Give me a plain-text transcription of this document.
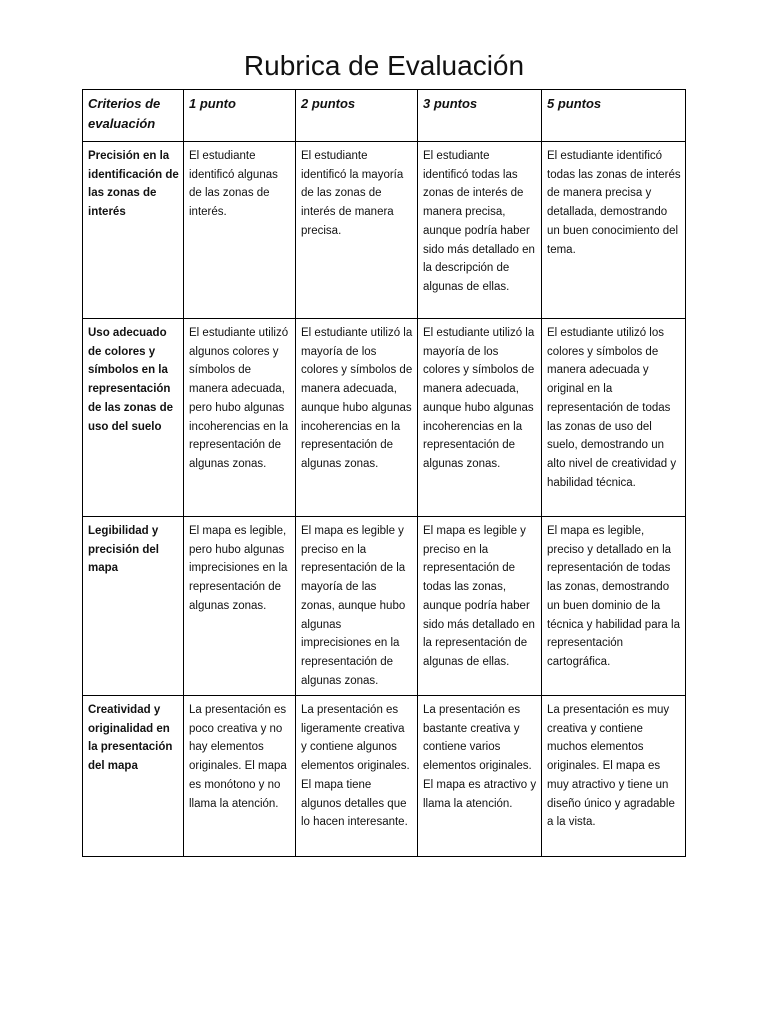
Rubrica de Evaluación
Criterios de evaluación	1 punto	2 puntos	3 puntos	5 puntos
Precisión en la identificación de las zonas de interés	El estudiante identificó algunas de las zonas de interés.	El estudiante identificó la mayoría de las zonas de interés de manera precisa.	El estudiante identificó todas las zonas de interés de manera precisa, aunque podría haber sido más detallado en la descripción de algunas de ellas.	El estudiante identificó todas las zonas de interés de manera precisa y detallada, demostrando un buen conocimiento del tema.
Uso adecuado de colores y símbolos en la representación de las zonas de uso del suelo	El estudiante utilizó algunos colores y símbolos de manera adecuada, pero hubo algunas incoherencias en la representación de algunas zonas.	El estudiante utilizó la mayoría de los colores y símbolos de manera adecuada, aunque hubo algunas incoherencias en la representación de algunas zonas.	El estudiante utilizó la mayoría de los colores y símbolos de manera adecuada, aunque hubo algunas incoherencias en la representación de algunas zonas.	El estudiante utilizó los colores y símbolos de manera adecuada y original en la representación de todas las zonas de uso del suelo, demostrando un alto nivel de creatividad y habilidad técnica.
Legibilidad y precisión del mapa	El mapa es legible, pero hubo algunas imprecisiones en la representación de algunas zonas.	El mapa es legible y preciso en la representación de la mayoría de las zonas, aunque hubo algunas imprecisiones en la representación de algunas zonas.	El mapa es legible y preciso en la representación de todas las zonas, aunque podría haber sido más detallado en la representación de algunas de ellas.	El mapa es legible, preciso y detallado en la representación de todas las zonas, demostrando un buen dominio de la técnica y habilidad para la representación cartográfica.
Creatividad y originalidad en la presentación del mapa	La presentación es poco creativa y no hay elementos originales. El mapa es monótono y no llama la atención.	La presentación es ligeramente creativa y contiene algunos elementos originales. El mapa tiene algunos detalles que lo hacen interesante.	La presentación es bastante creativa y contiene varios elementos originales. El mapa es atractivo y llama la atención.	La presentación es muy creativa y contiene muchos elementos originales. El mapa es muy atractivo y tiene un diseño único y agradable a la vista.
